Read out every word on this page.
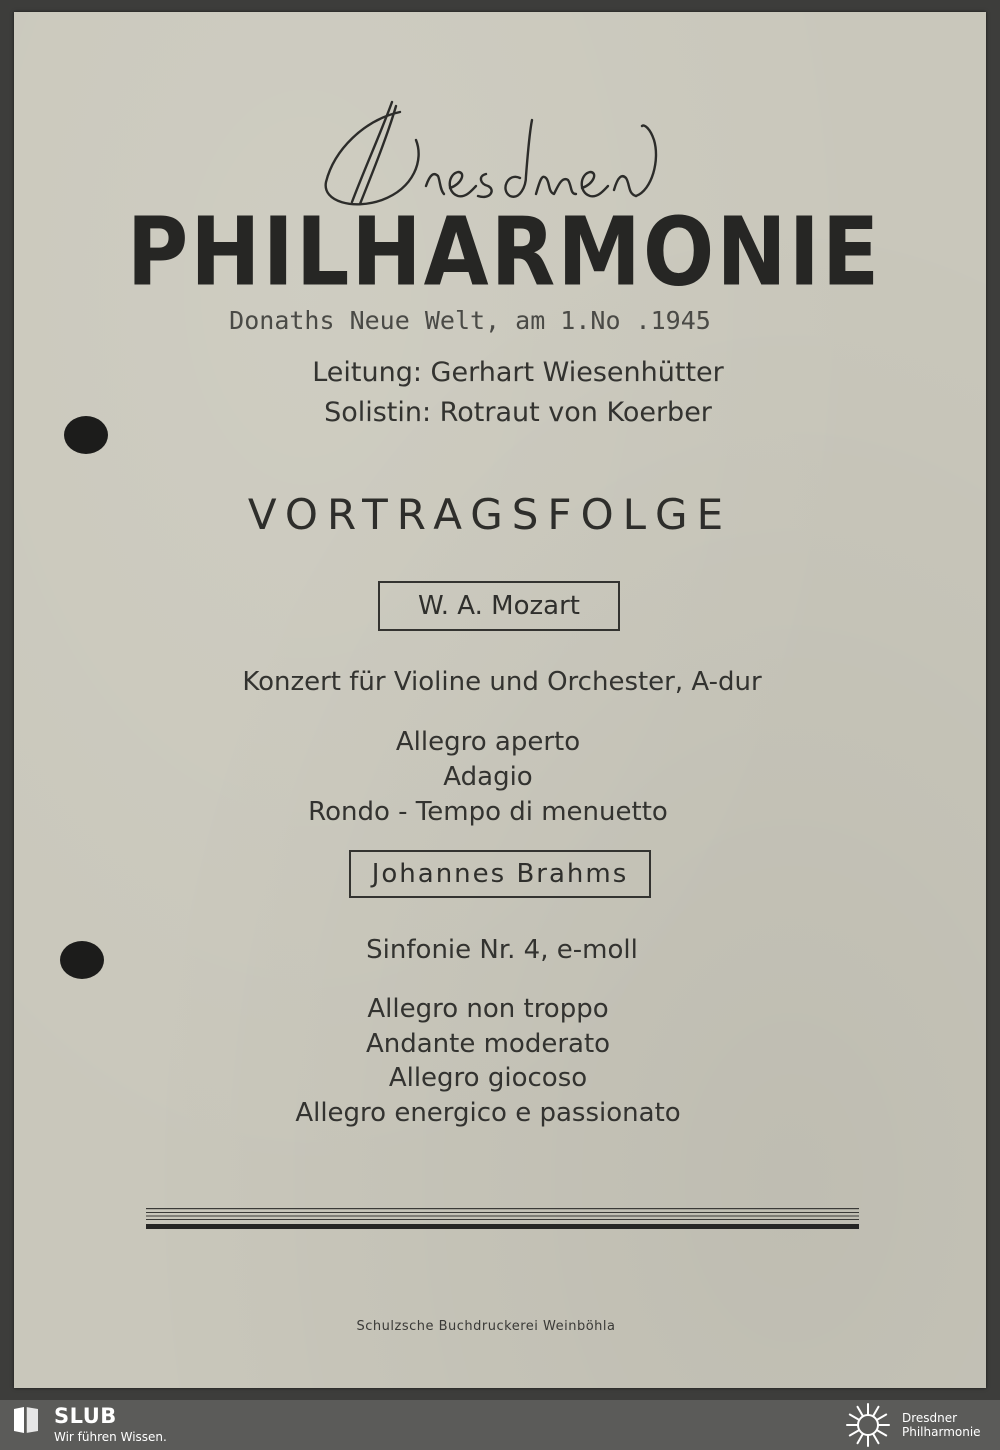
PHILHARMONIE
Donaths Neue Welt, am 1.No .1945
Leitung: Gerhart Wiesenhütter
Solistin: Rotraut von Koerber
VORTRAGSFOLGE
W. A. Mozart
Konzert für Violine und Orchester, A-dur
Allegro aperto
Adagio
Rondo - Tempo di menuetto
Johannes Brahms
Sinfonie Nr. 4, e-moll
Allegro non troppo
Andante moderato
Allegro giocoso
Allegro energico e passionato
Schulzsche Buchdruckerei Weinböhla
SLUB
Wir führen Wissen.
Dresdner
Philharmonie
